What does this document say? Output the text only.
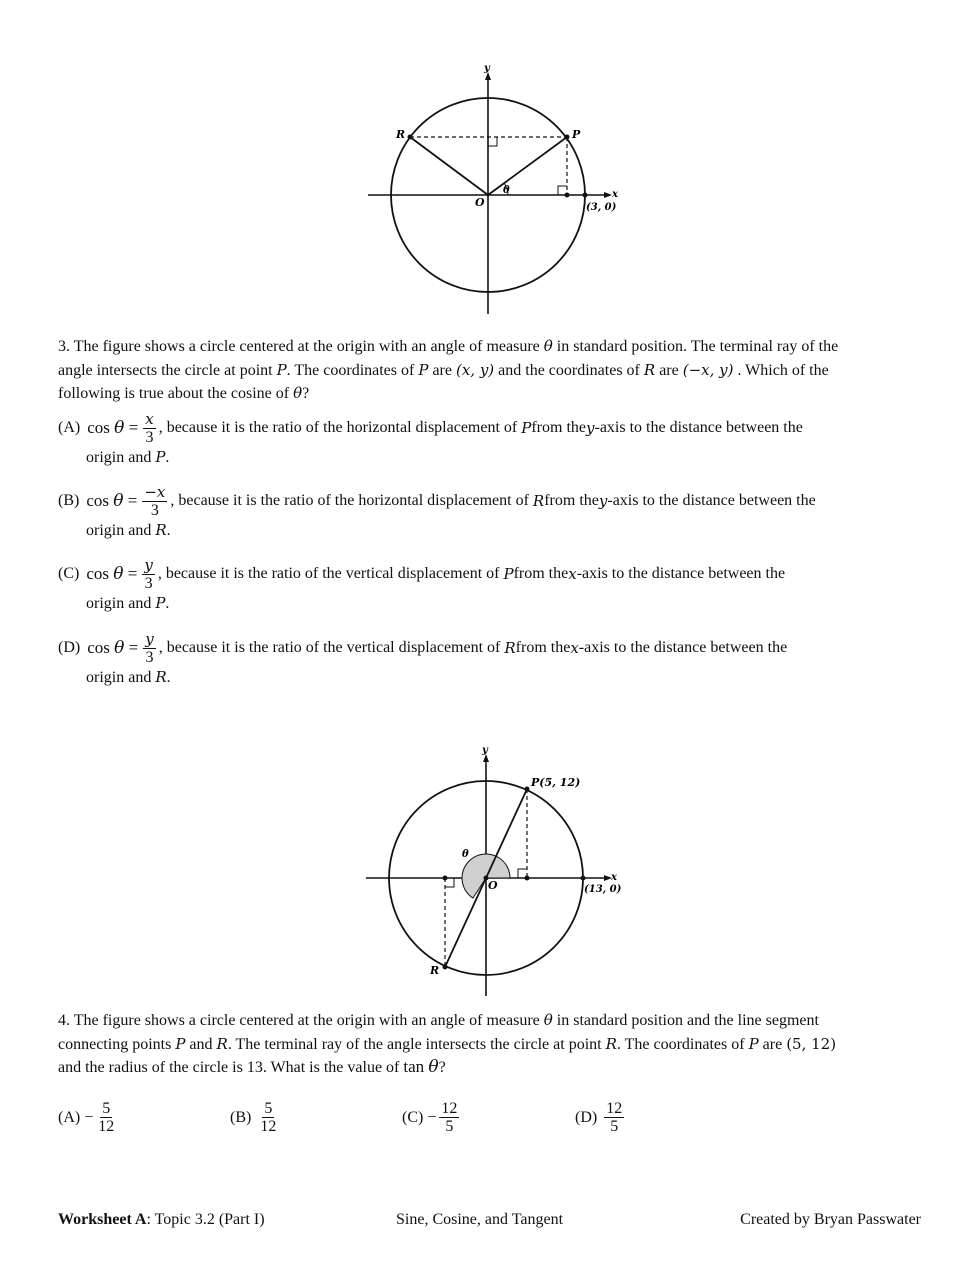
y
x
O
P
R
θ
(3, 0)
3. The figure shows a circle centered at the origin with an angle of measure θ in standard position. The terminal ray of the
angle intersects the circle at point P. The coordinates of P are (x, y) and the coordinates of R are (−x, y) . Which of the
following is true about the cosine of θ?
(A) $\cos \theta = \frac{x}{3}$ , because it is the ratio of the horizontal displacement of
P from the y -axis to the distance between the
origin and P.
(B) $\cos \theta = \frac{-x}{3}$ , because it is the ratio of the horizontal displacement of
R from the y -axis to the distance between the
origin and R.
(C) $\cos \theta = \frac{y}{3}$ , because it is the ratio of the vertical displacement of
P from the x -axis to the distance between the
origin and P.
(D) $\cos \theta = \frac{y}{3}$ , because it is the ratio of the vertical displacement of
R from the x -axis to the distance between the
origin and R.
y
x
O
P(5, 12)
R
θ
(13, 0)
4. The figure shows a circle centered at the origin with an angle of measure θ in standard position and the line segment
connecting points P and R. The terminal ray of the angle intersects the circle at point R. The coordinates of P are (5, 12)
and the radius of the circle is 13. What is the value of tan θ?
(A)
− $\frac{5}{12}$	(B)
$\frac{5}{12}$	(C)
− $\frac{12}{5}$	(D)
$\frac{12}{5}$
Worksheet A: Topic 3.2 (Part I)	Sine, Cosine, and Tangent	Created by Bryan Passwater
